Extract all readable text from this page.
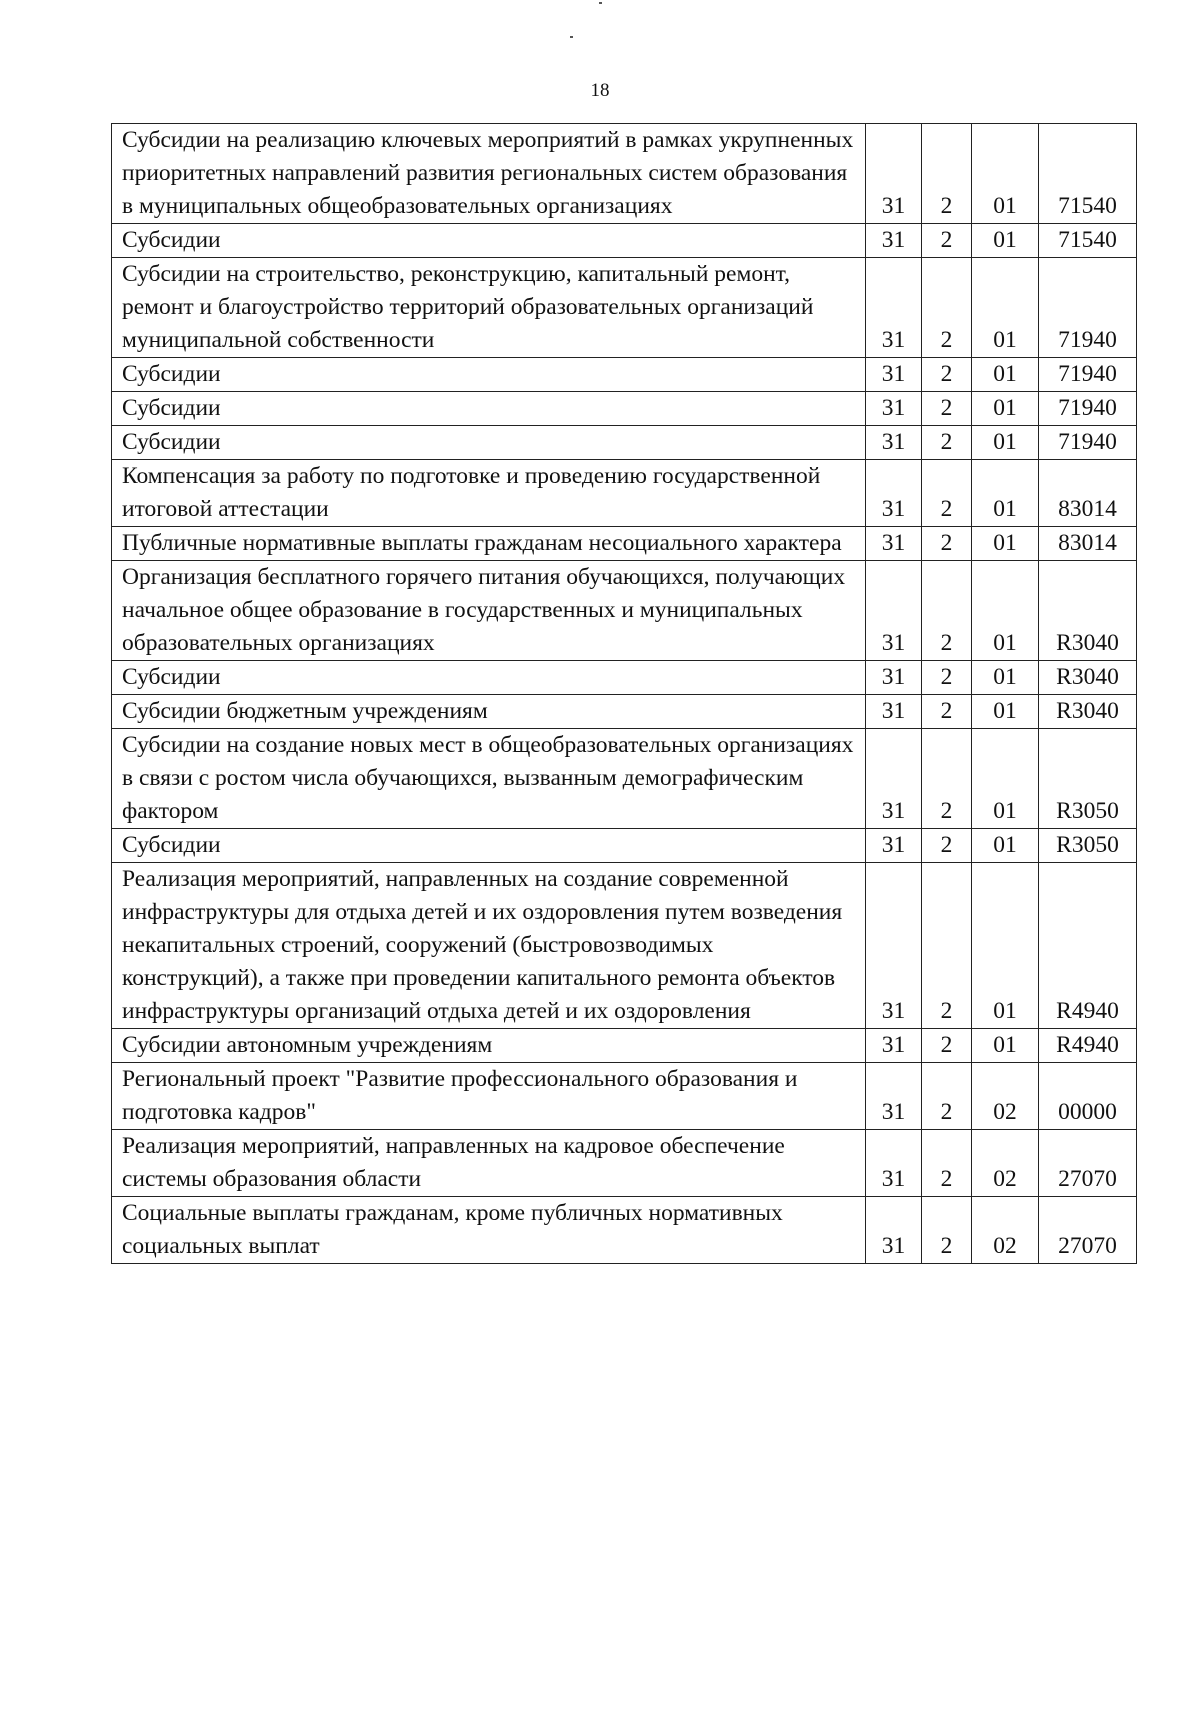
18
Субсидии на реализацию ключевых мероприятий в рамках укрупненных приоритетных направлений развития региональных систем образования в муниципальных общеобразовательных организациях	31	2	01	71540
Субсидии	31	2	01	71540
Субсидии на строительство, реконструкцию, капитальный ремонт, ремонт и благоустройство территорий образовательных организаций муниципальной собственности	31	2	01	71940
Субсидии	31	2	01	71940
Субсидии	31	2	01	71940
Субсидии	31	2	01	71940
Компенсация за работу по подготовке и проведению государственной итоговой аттестации	31	2	01	83014
Публичные нормативные выплаты гражданам несоциального характера	31	2	01	83014
Организация бесплатного горячего питания обучающихся, получающих начальное общее образование в государственных и муниципальных образовательных организациях	31	2	01	R3040
Субсидии	31	2	01	R3040
Субсидии бюджетным учреждениям	31	2	01	R3040
Субсидии на создание новых мест в общеобразовательных организациях в связи с ростом числа обучающихся, вызванным демографическим фактором	31	2	01	R3050
Субсидии	31	2	01	R3050
Реализация мероприятий, направленных на создание современной инфраструктуры для отдыха детей и их оздоровления путем возведения некапитальных строений, сооружений (быстровозводимых конструкций), а также при проведении капитального ремонта объектов инфраструктуры организаций отдыха детей и их оздоровления	31	2	01	R4940
Субсидии автономным учреждениям	31	2	01	R4940
Региональный проект "Развитие профессионального образования и подготовка кадров"	31	2	02	00000
Реализация мероприятий, направленных на кадровое обеспечение системы образования области	31	2	02	27070
Социальные выплаты гражданам, кроме публичных нормативных социальных выплат	31	2	02	27070
